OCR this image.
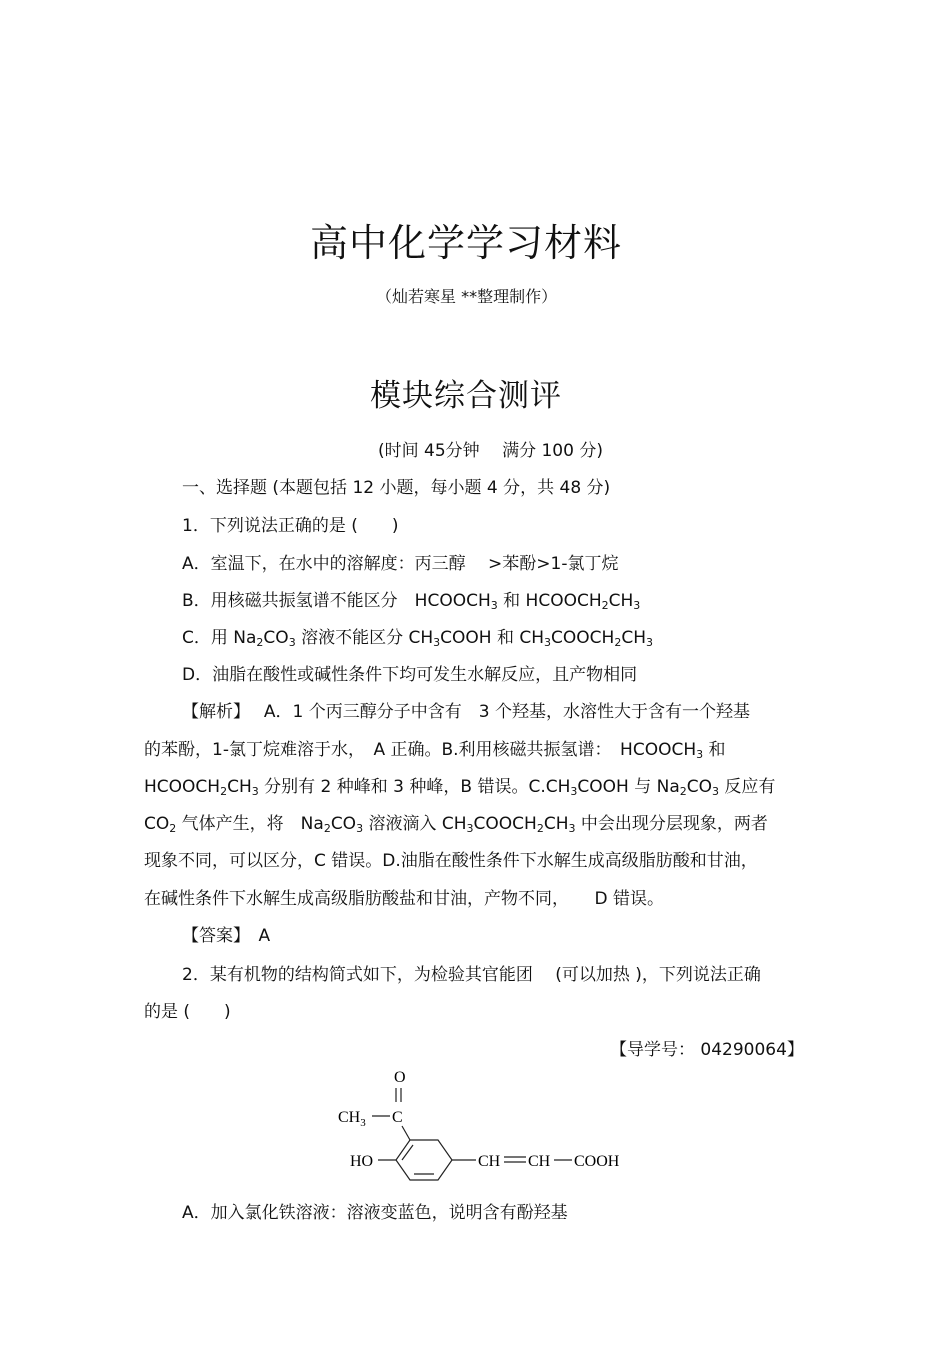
高中化学学习材料
（灿若寒星 **整理制作）
模块综合测评
(时间 45分钟　 满分 100 分)
一、选择题 (本题包括 12 小题，每小题 4 分，共 48 分)
1．下列说法正确的是 (　　)
A．室温下，在水中的溶解度：丙三醇　 >苯酚>1-氯丁烷
B．用核磁共振氢谱不能区分　$HCOOCH_3$ 和 $HCOOCH_2CH_3$
C．用 $Na_2CO_3$ 溶液不能区分 $CH_3COOH$ 和 $CH_3COOCH_2CH_3$
D．油脂在酸性或碱性条件下均可发生水解反应，且产物相同
【解析】　 A．1 个丙三醇分子中含有　3 个羟基，水溶性大于含有一个羟基
的苯酚，1-氯丁烷难溶于水，　A 正确。B.利用核磁共振氢谱：　$HCOOCH_3$ 和
$HCOOCH_2CH_3$ 分别有 2 种峰和 3 种峰，B 错误。$C.CH_3COOH$ 与 $Na_2CO_3$ 反应有
$CO_2$ 气体产生，将　$Na_2CO_3$ 溶液滴入 $CH_3COOCH_2CH_3$ 中会出现分层现象，两者
现象不同，可以区分，C 错误。D.油脂在酸性条件下水解生成高级脂肪酸和甘油，
在碱性条件下水解生成高级脂肪酸盐和甘油，产物不同，　　D 错误。
【答案】　A
2．某有机物的结构简式如下，为检验其官能团　 (可以加热 )，下列说法正确
的是 (　　)
【导学号： 04290064】
O
$CH_3$ C
HO	CH CH COOH
A．加入氯化铁溶液：溶液变蓝色，说明含有酚羟基
